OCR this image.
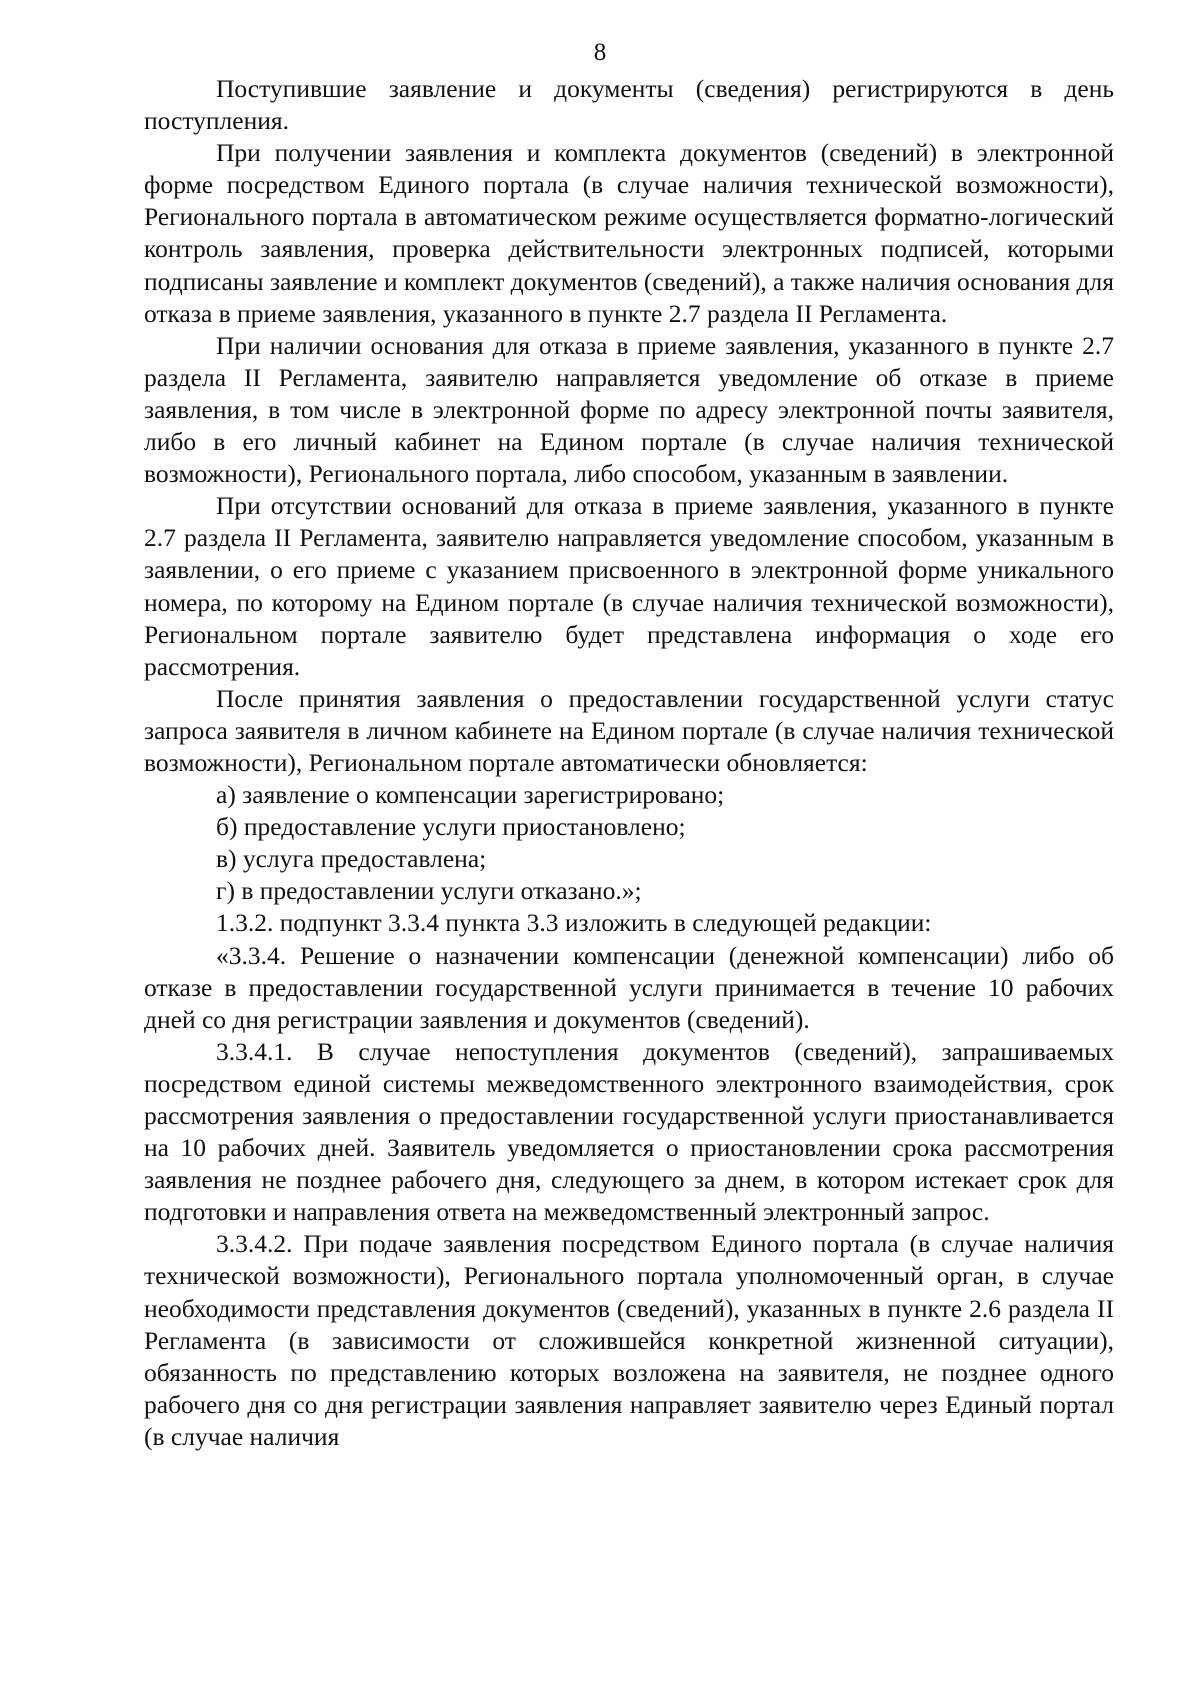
8

Поступившие заявление и документы (сведения) регистрируются в день поступления.

При получении заявления и комплекта документов (сведений) в электронной форме посредством Единого портала (в случае наличия технической возможности), Регионального портала в автоматическом режиме осуществляется форматно-логический контроль заявления, проверка действительности электронных подписей, которыми подписаны заявление и комплект документов (сведений), а также наличия основания для отказа в приеме заявления, указанного в пункте 2.7 раздела II Регламента.

При наличии основания для отказа в приеме заявления, указанного в пункте 2.7 раздела II Регламента, заявителю направляется уведомление об отказе в приеме заявления, в том числе в электронной форме по адресу электронной почты заявителя, либо в его личный кабинет на Едином портале (в случае наличия технической возможности), Регионального портала, либо способом, указанным в заявлении.

При отсутствии оснований для отказа в приеме заявления, указанного в пункте 2.7 раздела II Регламента, заявителю направляется уведомление способом, указанным в заявлении, о его приеме с указанием присвоенного в электронной форме уникального номера, по которому на Едином портале (в случае наличия технической возможности), Региональном портале заявителю будет представлена информация о ходе его рассмотрения.

После принятия заявления о предоставлении государственной услуги статус запроса заявителя в личном кабинете на Едином портале (в случае наличия технической возможности), Региональном портале автоматически обновляется:

а) заявление о компенсации зарегистрировано;

б) предоставление услуги приостановлено;

в) услуга предоставлена;

г) в предоставлении услуги отказано.»;

1.3.2. подпункт 3.3.4 пункта 3.3 изложить в следующей редакции:

«3.3.4. Решение о назначении компенсации (денежной компенсации) либо об отказе в предоставлении государственной услуги принимается в течение 10 рабочих дней со дня регистрации заявления и документов (сведений).

3.3.4.1. В случае непоступления документов (сведений), запрашиваемых посредством единой системы межведомственного электронного взаимодействия, срок рассмотрения заявления о предоставлении государственной услуги приостанавливается на 10 рабочих дней. Заявитель уведомляется о приостановлении срока рассмотрения заявления не позднее рабочего дня, следующего за днем, в котором истекает срок для подготовки и направления ответа на межведомственный электронный запрос.

3.3.4.2. При подаче заявления посредством Единого портала (в случае наличия технической возможности), Регионального портала уполномоченный орган, в случае необходимости представления документов (сведений), указанных в пункте 2.6 раздела II Регламента (в зависимости от сложившейся конкретной жизненной ситуации), обязанность по представлению которых возложена на заявителя, не позднее одного рабочего дня со дня регистрации заявления направляет заявителю через Единый портал (в случае наличия
